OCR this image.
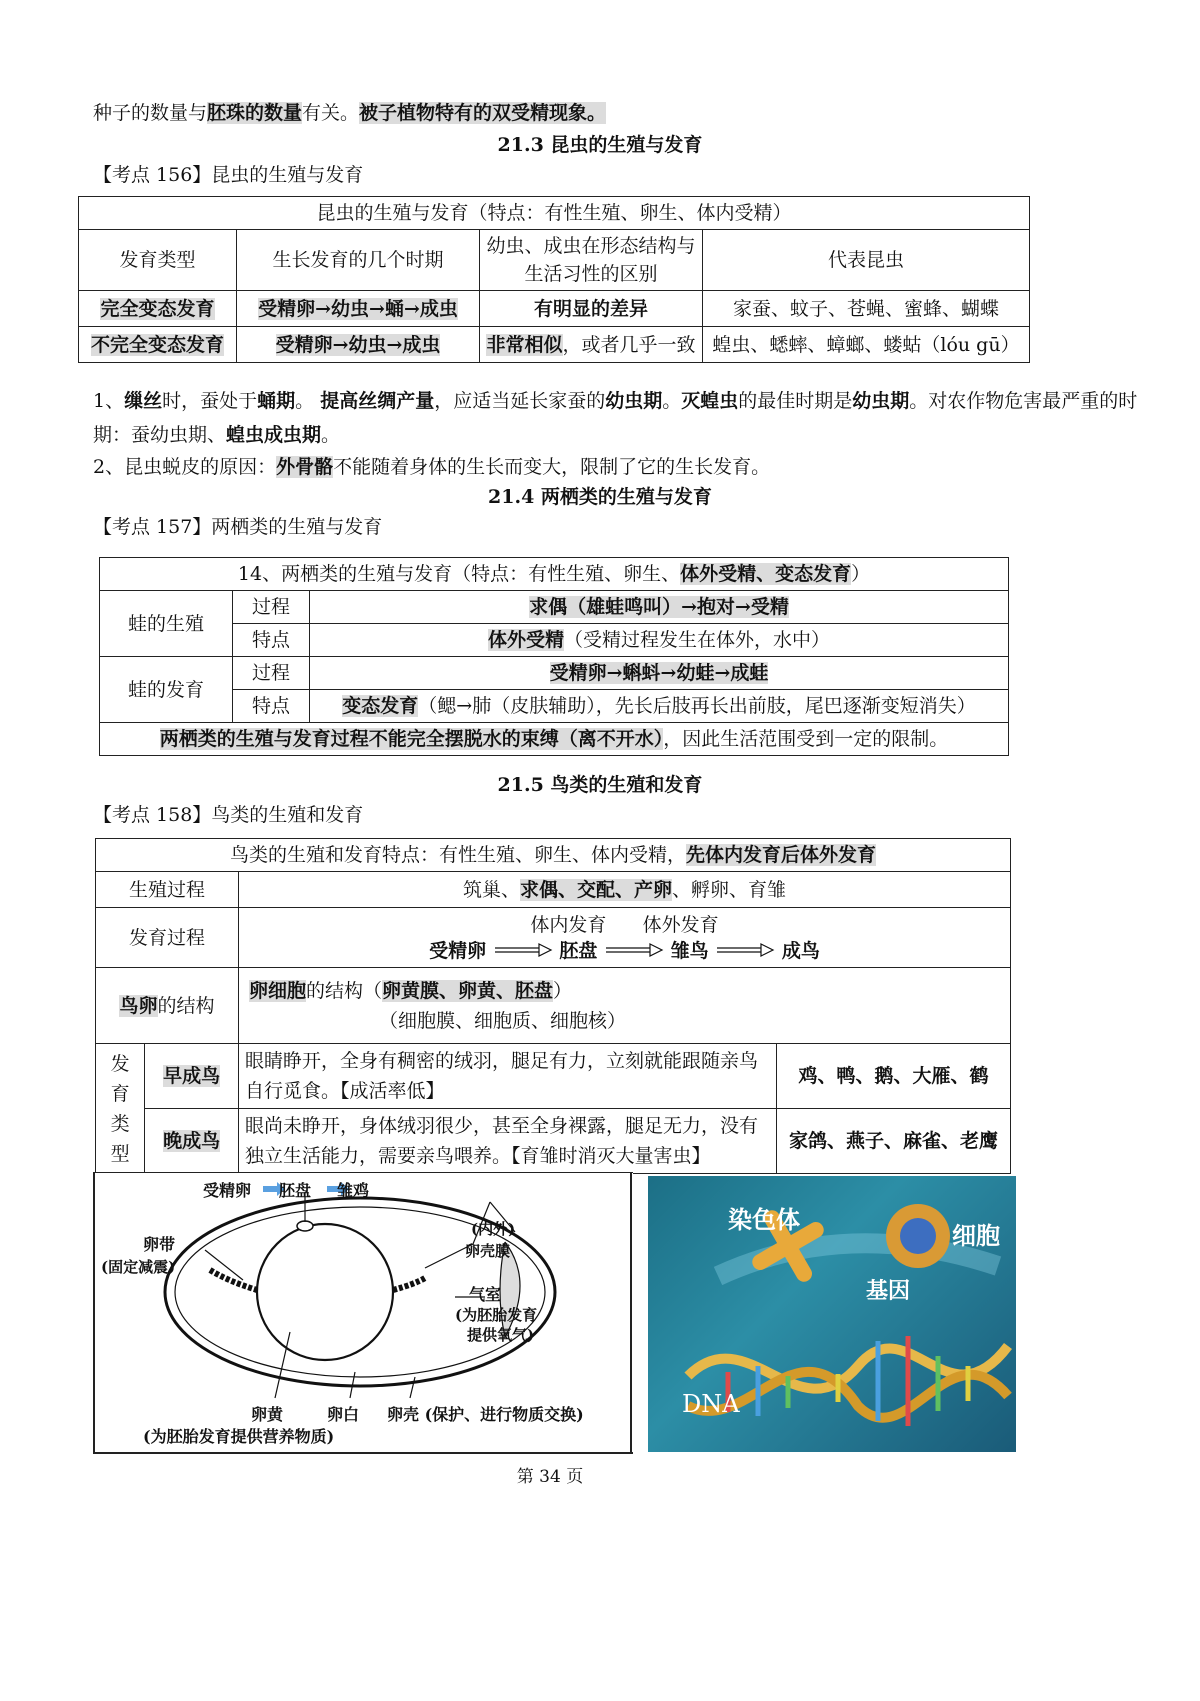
种子的数量与胚珠的数量有关。被子植物特有的双受精现象。
21.3 昆虫的生殖与发育
【考点 156】昆虫的生殖与发育
昆虫的生殖与发育（特点：有性生殖、卵生、体内受精）			
发育类型	生长发育的几个时期	幼虫、成虫在形态结构与生活习性的区别	代表昆虫
完全变态发育	受精卵→幼虫→蛹→成虫	有明显的差异	家蚕、蚊子、苍蝇、蜜蜂、蝴蝶
不完全变态发育	受精卵→幼虫→成虫	非常相似，或者几乎一致	蝗虫、蟋蟀、蟑螂、蝼蛄（lóu gū）
1、缫丝时，蚕处于蛹期。 提高丝绸产量，应适当延长家蚕的幼虫期。灭蝗虫的最佳时期是幼虫期。对农作物危害最严重的时期：蚕幼虫期、蝗虫成虫期。
2、昆虫蜕皮的原因：外骨骼不能随着身体的生长而变大，限制了它的生长发育。
21.4 两栖类的生殖与发育
【考点 157】两栖类的生殖与发育
14、两栖类的生殖与发育（特点：有性生殖、卵生、体外受精、变态发育）		
蛙的生殖	过程	求偶（雄蛙鸣叫）→抱对→受精
	特点	体外受精（受精过程发生在体外，水中）
蛙的发育	过程	受精卵→蝌蚪→幼蛙→成蛙
	特点	变态发育（鳃→肺（皮肤辅助），先长后肢再长出前肢，尾巴逐渐变短消失）
两栖类的生殖与发育过程不能完全摆脱水的束缚（离不开水），因此生活范围受到一定的限制。		
21.5 鸟类的生殖和发育
【考点 158】鸟类的生殖和发育
鸟类的生殖和发育特点：有性生殖、卵生、体内受精，先体内发育后体外发育			
生殖过程		筑巢、求偶、交配、产卵、孵卵、育雏	
发育过程		体内发育 体外发育
受精卵 胚盘 雏鸟 成鸟	

鸟卵的结构		卵细胞的结构（卵黄膜、卵黄、胚盘）
（细胞膜、细胞质、细胞核）	

发育类型	早成鸟	眼睛睁开，全身有稠密的绒羽，腿足有力，立刻就能跟随亲鸟自行觅食。【成活率低】	鸡、鸭、鹅、大雁、鹤
	晚成鸟	眼尚未睁开，身体绒羽很少，甚至全身裸露，腿足无力，没有独立生活能力，需要亲鸟喂养。【育雏时消灭大量害虫】	家鸽、燕子、麻雀、老鹰
受精卵 胚盘 雏鸡
卵带
(固定减震)
(内外)
卵壳膜
气室
(为胚胎发育
提供氧气)
卵黄	卵白 卵壳 (保护、进行物质交换)
(为胚胎发育提供营养物质)
染色体
细胞
基因
DNA
第 34 页
